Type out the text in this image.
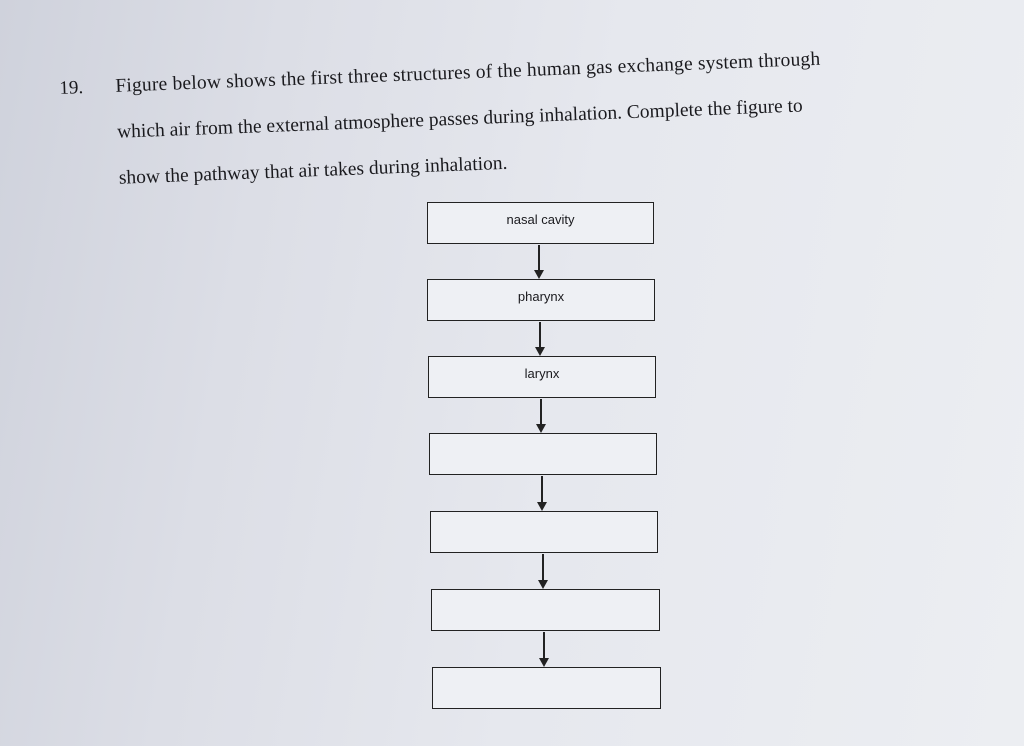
19. Figure below shows the first three structures of the human gas exchange system through
which air from the external atmosphere passes during inhalation. Complete the figure to
show the pathway that air takes during inhalation.
nasal cavity
pharynx
larynx
